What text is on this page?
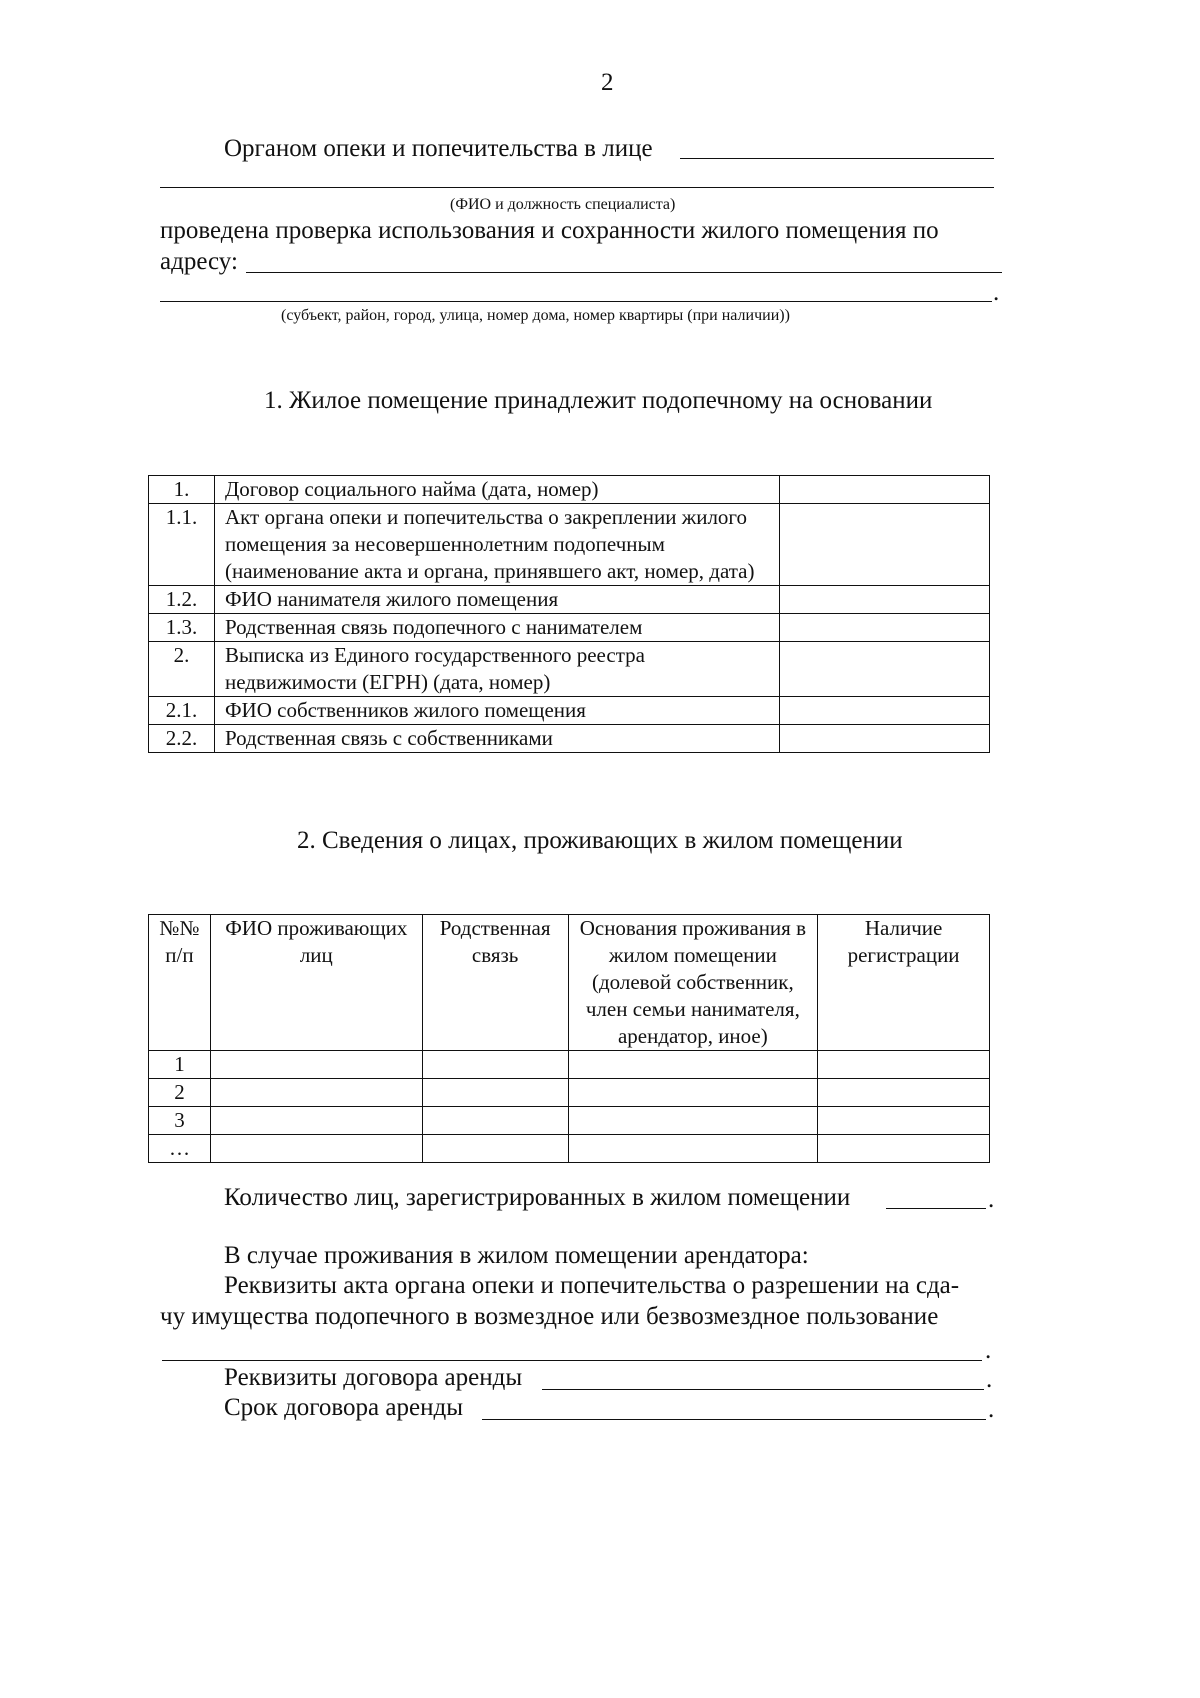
2
Органом опеки и попечительства в лице
(ФИО и должность специалиста)
проведена проверка использования и сохранности жилого помещения по
адресу:
.
(субъект, район, город, улица, номер дома, номер квартиры (при наличии))
1. Жилое помещение принадлежит подопечному на основании
1.	Договор социального найма (дата, номер)	
1.1.	Акт органа опеки и попечительства о закреплении жилого помещения за несовершеннолетним подопечным (наименование акта и органа, принявшего акт, номер, дата)	
1.2.	ФИО нанимателя жилого помещения	
1.3.	Родственная связь подопечного с нанимателем	
2.	Выписка из Единого государственного реестра недвижимости (ЕГРН) (дата, номер)	
2.1.	ФИО собственников жилого помещения	
2.2.	Родственная связь с собственниками	
2. Сведения о лицах, проживающих в жилом помещении
№№ п/п	ФИО проживающих лиц	Родственная связь	Основания проживания в жилом помещении (долевой собственник, член семьи нанимателя, арендатор, иное)	Наличие регистрации
1				
2				
3				
…				
Количество лиц, зарегистрированных в жилом помещении	.
В случае проживания в жилом помещении арендатора:
Реквизиты акта органа опеки и попечительства о разрешении на сда-
чу имущества подопечного в возмездное или безвозмездное пользование
.
Реквизиты договора аренды	.
Срок договора аренды	.
